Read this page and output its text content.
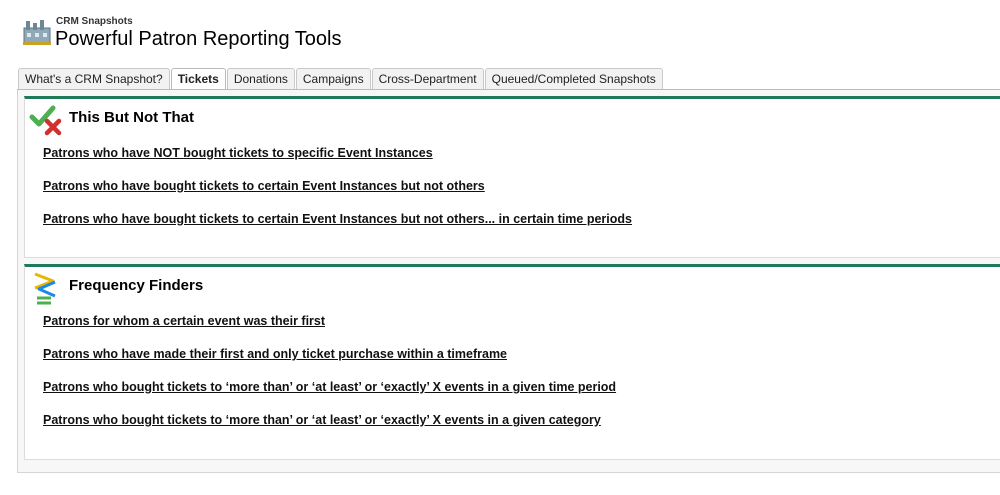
CRM Snapshots
Powerful Patron Reporting Tools
What's a CRM Snapshot? Tickets Donations Campaigns Cross-Department Queued/Completed Snapshots
This But Not That
Patrons who have NOT bought tickets to specific Event Instances
Patrons who have bought tickets to certain Event Instances but not others
Patrons who have bought tickets to certain Event Instances but not others... in certain time periods
Frequency Finders
Patrons for whom a certain event was their first
Patrons who have made their first and only ticket purchase within a timeframe
Patrons who bought tickets to ‘more than’ or ‘at least’ or ‘exactly’ X events in a given time period
Patrons who bought tickets to ‘more than’ or ‘at least’ or ‘exactly’ X events in a given category
